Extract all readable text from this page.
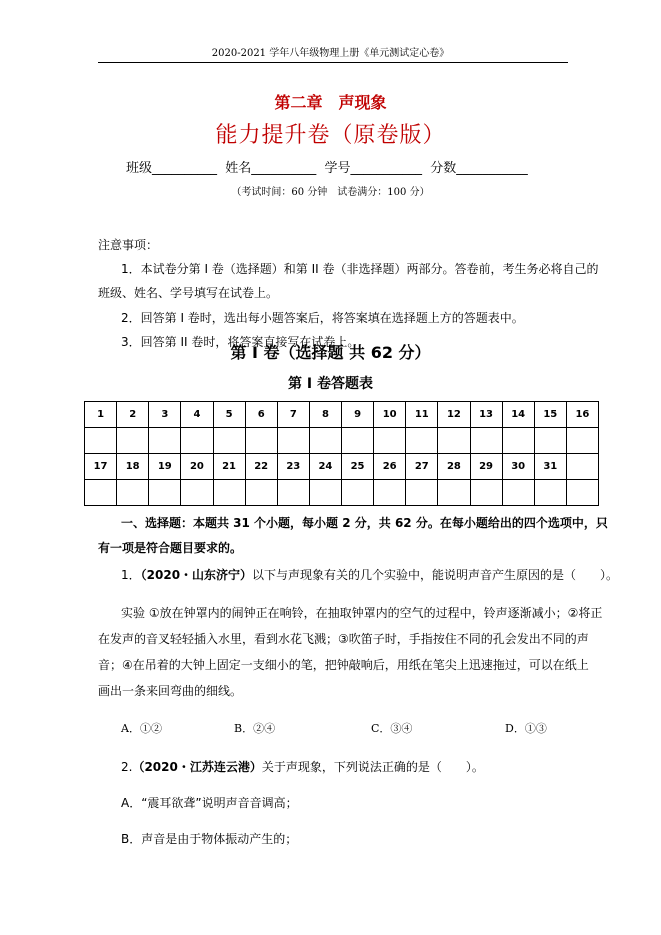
2020-2021 学年八年级物理上册《单元测试定心卷》
第二章　声现象
能力提升卷（原卷版）
班级__________  姓名__________  学号___________  分数___________
（考试时间：60 分钟　试卷满分：100 分）
注意事项：
1．本试卷分第 I 卷（选择题）和第 II 卷（非选择题）两部分。答卷前，考生务必将自己的
班级、姓名、学号填写在试卷上。
2．回答第 I 卷时，选出每小题答案后，将答案填在选择题上方的答题表中。
3．回答第 II 卷时，将答案直接写在试卷上。
第 I 卷（选择题 共 62 分）
第 I 卷答题表
1	2	3	4	5	6	7	8	9	10	11	12	13	14	15	16

17	18	19	20	21	22	23	24	25	26	27	28	29	30	31	

一、选择题：本题共 31 个小题，每小题 2 分，共 62 分。在每小题给出的四个选项中，只
有一项是符合题目要求的。
1．（2020・山东济宁）以下与声现象有关的几个实验中，能说明声音产生原因的是（　　）。
实验 ①放在钟罩内的闹钟正在响铃，在抽取钟罩内的空气的过程中，铃声逐渐减小；②将正
在发声的音叉轻轻插入水里，看到水花飞溅；③吹笛子时，手指按住不同的孔会发出不同的声
音；④在吊着的大钟上固定一支细小的笔，把钟敲响后，用纸在笔尖上迅速拖过，可以在纸上
画出一条来回弯曲的细线。
A．①②	B．②④	C．③④	D．①③
2.（2020・江苏连云港）关于声现象，下列说法正确的是（　　）。
A．“震耳欲聋”说明声音音调高；
B．声音是由于物体振动产生的；
